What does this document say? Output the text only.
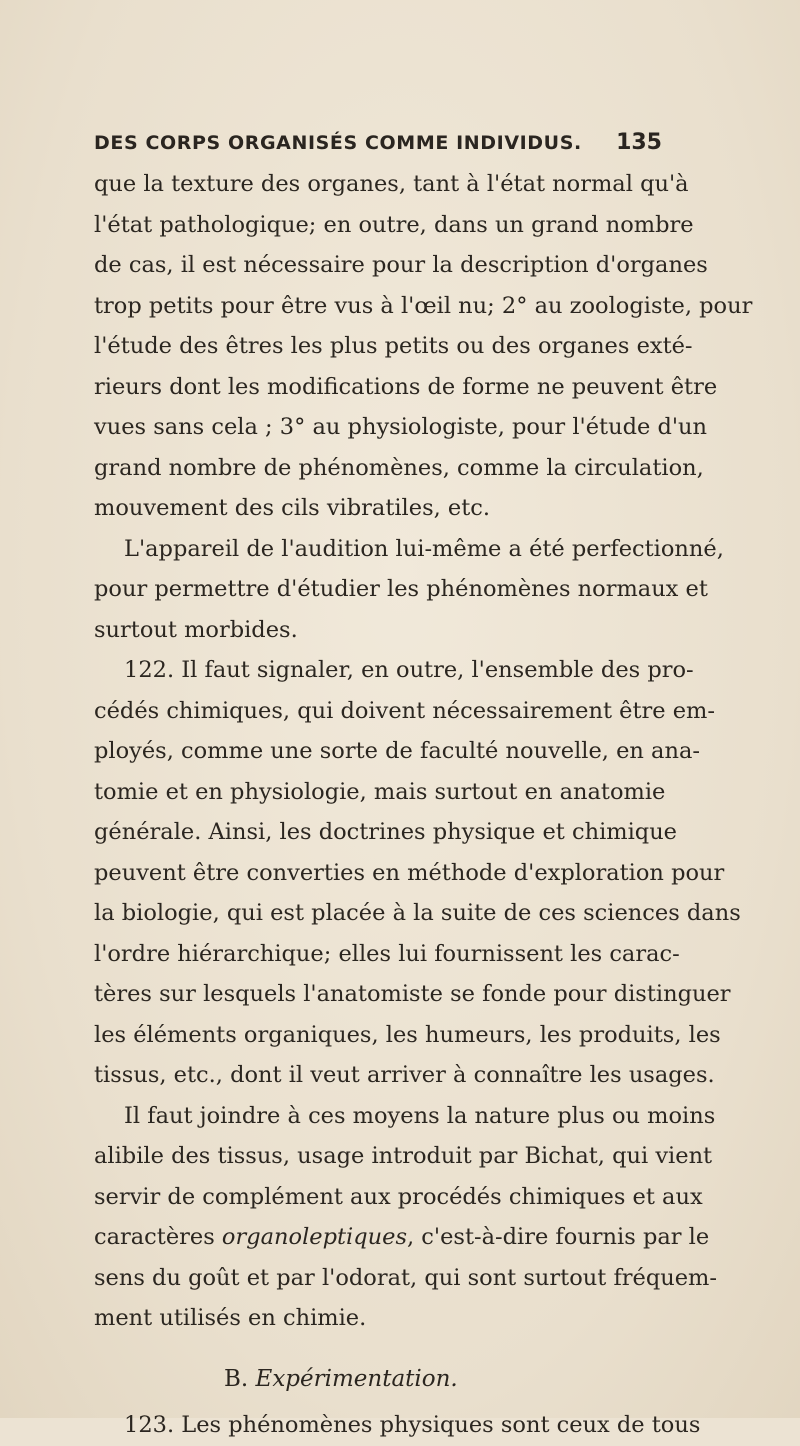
DES CORPS ORGANISÉS COMME INDIVIDUS. 135
que la texture des organes, tant à l'état normal qu'à
l'état pathologique; en outre, dans un grand nombre
de cas, il est nécessaire pour la description d'organes
trop petits pour être vus à l'œil nu; 2° au zoologiste, pour
l'étude des êtres les plus petits ou des organes exté-
rieurs dont les modifications de forme ne peuvent être
vues sans cela ; 3° au physiologiste, pour l'étude d'un
grand nombre de phénomènes, comme la circulation,
mouvement des cils vibratiles, etc.
L'appareil de l'audition lui-même a été perfectionné,
pour permettre d'étudier les phénomènes normaux et
surtout morbides.
122. Il faut signaler, en outre, l'ensemble des pro-
cédés chimiques, qui doivent nécessairement être em-
ployés, comme une sorte de faculté nouvelle, en ana-
tomie et en physiologie, mais surtout en anatomie
générale. Ainsi, les doctrines physique et chimique
peuvent être converties en méthode d'exploration pour
la biologie, qui est placée à la suite de ces sciences dans
l'ordre hiérarchique; elles lui fournissent les carac-
tères sur lesquels l'anatomiste se fonde pour distinguer
les éléments organiques, les humeurs, les produits, les
tissus, etc., dont il veut arriver à connaître les usages.
Il faut joindre à ces moyens la nature plus ou moins
alibile des tissus, usage introduit par Bichat, qui vient
servir de complément aux procédés chimiques et aux
caractères organoleptiques, c'est-à-dire fournis par le
sens du goût et par l'odorat, qui sont surtout fréquem-
ment utilisés en chimie.
B. Expérimentation.
123. Les phénomènes physiques sont ceux de tous
